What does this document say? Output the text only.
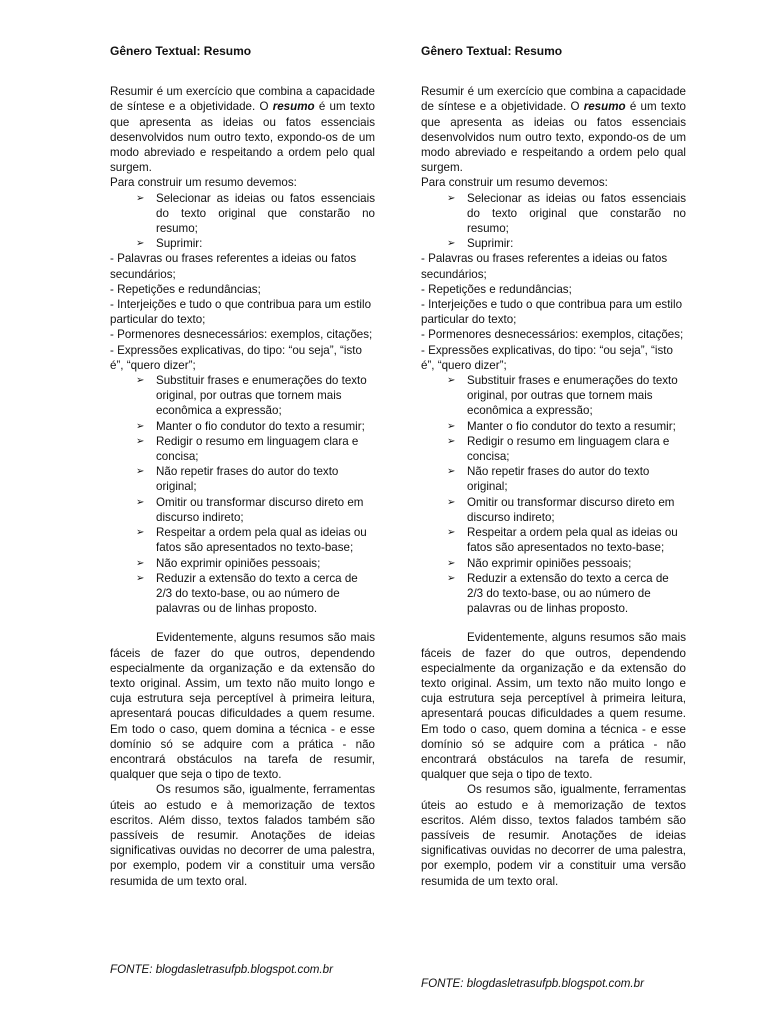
Gênero Textual: Resumo

Resumir é um exercício que combina a capacidade de síntese e a objetividade. O resumo é um texto que apresenta as ideias ou fatos essenciais desenvolvidos num outro texto, expondo-os de um modo abreviado e respeitando a ordem pelo qual surgem.

Para construir um resumo devemos:

➢	Selecionar as ideias ou fatos essenciais do texto original que constarão no resumo;
➢	Suprimir:

- Palavras ou frases referentes a ideias ou fatos secundários;

- Repetições e redundâncias;

- Interjeições e tudo o que contribua para um estilo particular do texto;

- Pormenores desnecessários: exemplos, citações;

- Expressões explicativas, do tipo: “ou seja”, “isto é”, “quero dizer”;

➢	Substituir frases e enumerações do texto original, por outras que tornem mais econômica a expressão;
➢	Manter o fio condutor do texto a resumir;
➢	Redigir o resumo em linguagem clara e concisa;
➢	Não repetir frases do autor do texto original;
➢	Omitir ou transformar discurso direto em discurso indireto;
➢	Respeitar a ordem pela qual as ideias ou fatos são apresentados no texto-base;
➢	Não exprimir opiniões pessoais;
➢	Reduzir a extensão do texto a cerca de 2/3 do texto-base, ou ao número de palavras ou de linhas proposto.

Evidentemente, alguns resumos são mais fáceis de fazer do que outros, dependendo especialmente da organização e da extensão do texto original. Assim, um texto não muito longo e cuja estrutura seja perceptível à primeira leitura, apresentará poucas dificuldades a quem resume. Em todo o caso, quem domina a técnica - e esse domínio só se adquire com a prática - não encontrará obstáculos na tarefa de resumir, qualquer que seja o tipo de texto.

Os resumos são, igualmente, ferramentas úteis ao estudo e à memorização de textos escritos. Além disso, textos falados também são passíveis de resumir. Anotações de ideias significativas ouvidas no decorrer de uma palestra, por exemplo, podem vir a constituir uma versão resumida de um texto oral.

FONTE: blogdasletrasufpb.blogspot.com.br

Gênero Textual: Resumo

Resumir é um exercício que combina a capacidade de síntese e a objetividade. O resumo é um texto que apresenta as ideias ou fatos essenciais desenvolvidos num outro texto, expondo-os de um modo abreviado e respeitando a ordem pelo qual surgem.

Para construir um resumo devemos:

➢	Selecionar as ideias ou fatos essenciais do texto original que constarão no resumo;
➢	Suprimir:

- Palavras ou frases referentes a ideias ou fatos secundários;

- Repetições e redundâncias;

- Interjeições e tudo o que contribua para um estilo particular do texto;

- Pormenores desnecessários: exemplos, citações;

- Expressões explicativas, do tipo: “ou seja”, “isto é”, “quero dizer”;

➢	Substituir frases e enumerações do texto original, por outras que tornem mais econômica a expressão;
➢	Manter o fio condutor do texto a resumir;
➢	Redigir o resumo em linguagem clara e concisa;
➢	Não repetir frases do autor do texto original;
➢	Omitir ou transformar discurso direto em discurso indireto;
➢	Respeitar a ordem pela qual as ideias ou fatos são apresentados no texto-base;
➢	Não exprimir opiniões pessoais;
➢	Reduzir a extensão do texto a cerca de 2/3 do texto-base, ou ao número de palavras ou de linhas proposto.

Evidentemente, alguns resumos são mais fáceis de fazer do que outros, dependendo especialmente da organização e da extensão do texto original. Assim, um texto não muito longo e cuja estrutura seja perceptível à primeira leitura, apresentará poucas dificuldades a quem resume. Em todo o caso, quem domina a técnica - e esse domínio só se adquire com a prática - não encontrará obstáculos na tarefa de resumir, qualquer que seja o tipo de texto.

Os resumos são, igualmente, ferramentas úteis ao estudo e à memorização de textos escritos. Além disso, textos falados também são passíveis de resumir. Anotações de ideias significativas ouvidas no decorrer de uma palestra, por exemplo, podem vir a constituir uma versão resumida de um texto oral.

FONTE: blogdasletrasufpb.blogspot.com.br
